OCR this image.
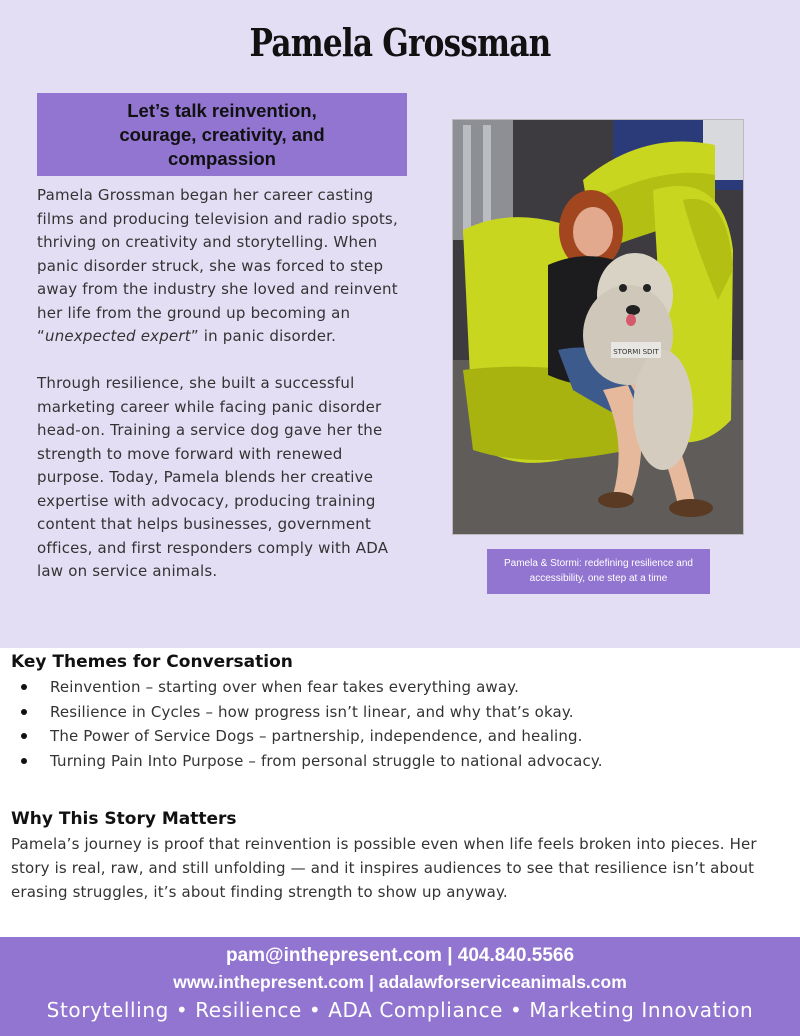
Pamela Grossman
Let’s talk reinvention,
courage, creativity, and
compassion

Pamela Grossman began her career casting films and producing television and radio spots, thriving on creativity and storytelling. When panic disorder struck, she was forced to step away from the industry she loved and reinvent her life from the ground up becoming an “unexpected expert” in panic disorder.

Through resilience, she built a successful marketing career while facing panic disorder head-on. Training a service dog gave her the strength to move forward with renewed purpose. Today, Pamela blends her creative expertise with advocacy, producing training content that helps businesses, government offices, and first responders comply with ADA law on service animals.

STORMI SDIT
Pamela & Stormi: redefining resilience and accessibility, one step at a time
Key Themes for Conversation
Reinvention – starting over when fear takes everything away.
Resilience in Cycles – how progress isn’t linear, and why that’s okay.
The Power of Service Dogs – partnership, independence, and healing.
Turning Pain Into Purpose – from personal struggle to national advocacy.
Why This Story Matters
Pamela’s journey is proof that reinvention is possible even when life feels broken into pieces. Her story is real, raw, and still unfolding — and it inspires audiences to see that resilience isn’t about erasing struggles, it’s about finding strength to show up anyway.
pam@inthepresent.com | 404.840.5566
www.inthepresent.com | adalawforserviceanimals.com
Storytelling • Resilience • ADA Compliance • Marketing Innovation
